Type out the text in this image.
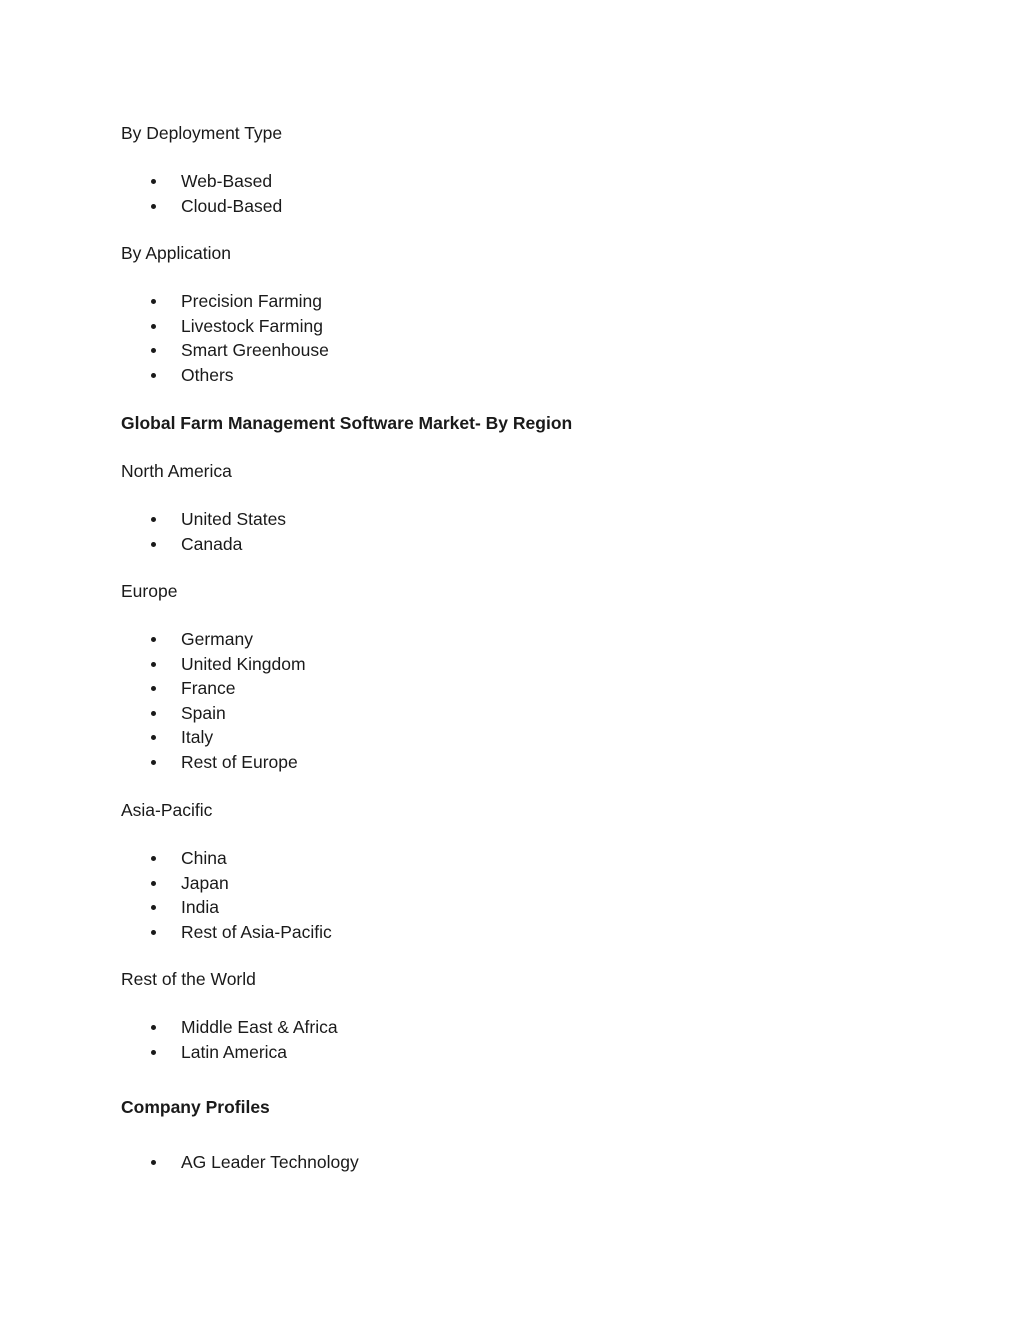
By Deployment Type

Web-Based
Cloud-Based

By Application

Precision Farming
Livestock Farming
Smart Greenhouse
Others

Global Farm Management Software Market- By Region

North America

United States
Canada

Europe

Germany
United Kingdom
France
Spain
Italy
Rest of Europe

Asia-Pacific

China
Japan
India
Rest of Asia-Pacific

Rest of the World

Middle East & Africa
Latin America

Company Profiles

AG Leader Technology
